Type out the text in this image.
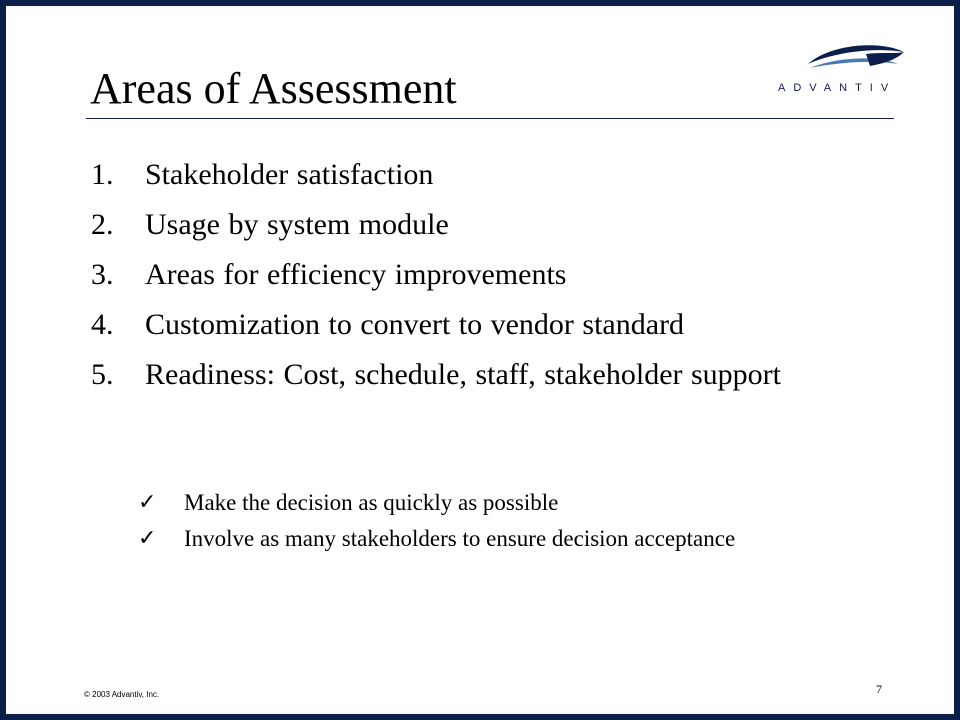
Areas of Assessment	ADVANTIV
1.	Stakeholder satisfaction
2.	Usage by system module
3.	Areas for efficiency improvements
4.	Customization to convert to vendor standard
5.	Readiness: Cost, schedule, staff, stakeholder support
✓	Make the decision as quickly as possible
✓	Involve as many stakeholders to ensure decision acceptance
© 2003 Advantiv, Inc.	7
